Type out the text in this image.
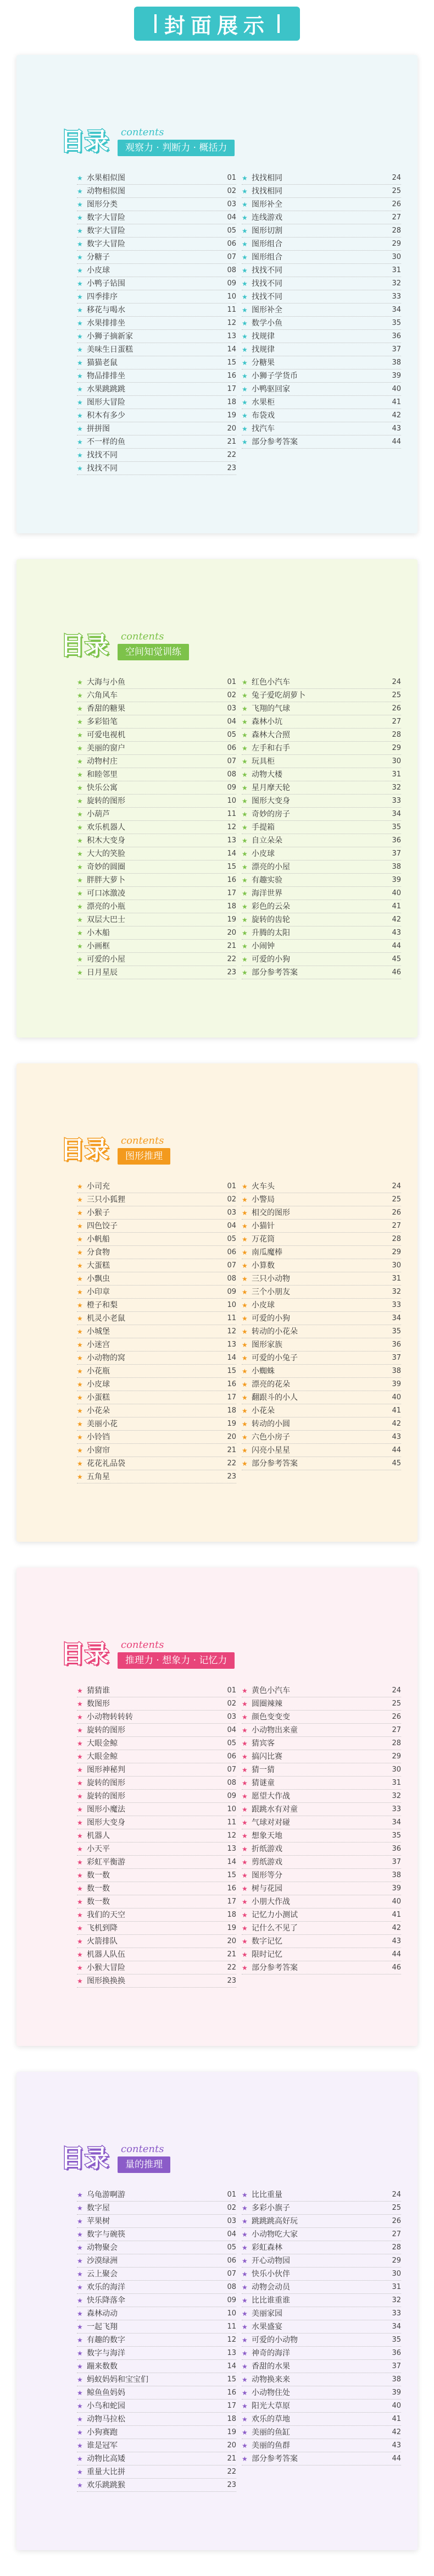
封面展示
目录 contents
观察力 · 判断力 · 概括力
★ 水果相似图	01
★ 动物相似图	02
★ 图形分类	03
★ 数字大冒险	04
★ 数字大冒险	05
★ 数字大冒险	06
★ 分糖子	07
★ 小皮球	08
★ 小鸭子钻围	09
★ 四季排序	10
★ 移花与喝水	11
★ 水果排排坐	12
★ 小狮子摘新家	13
★ 美味生日蛋糕	14
★ 猫猫老鼠	15
★ 物品排排坐	16
★ 水果跳跳跳	17
★ 图形大冒险	18
★ 积木有多少	19
★ 拼拼图	20
★ 不一样的鱼	21
★ 找找不同	22
★ 找找不同	23
★ 找找相同	24
★ 找找相同	25
★ 图形补全	26
★ 连线游戏	27
★ 图形切割	28
★ 图形组合	29
★ 图形组合	30
★ 找找不同	31
★ 找找不同	32
★ 找找不同	33
★ 图形补全	34
★ 数学小鱼	35
★ 找规律	36
★ 找规律	37
★ 分糖果	38
★ 小狮子学货币	39
★ 小鸭驱回家	40
★ 水果柜	41
★ 布袋戏	42
★ 找汽车	43
★ 部分参考答案	44
目录 contents
空间知觉训练
★ 大海与小鱼	01
★ 六角风车	02
★ 香甜的糖果	03
★ 多彩铅笔	04
★ 可爱电视机	05
★ 美丽的窗户	06
★ 动物村庄	07
★ 和睦邻里	08
★ 快乐公寓	09
★ 旋转的图形	10
★ 小葫芦	11
★ 欢乐机器人	12
★ 积木大变身	13
★ 大大的笑脸	14
★ 奇妙的圆圈	15
★ 胖胖大萝卜	16
★ 可口冰激凌	17
★ 漂亮的小瓶	18
★ 双层大巴士	19
★ 小木船	20
★ 小画框	21
★ 可爱的小屋	22
★ 日月星辰	23
★ 红色小汽车	24
★ 兔子爱吃胡萝卜	25
★ 飞翔的气球	26
★ 森林小坑	27
★ 森林大合照	28
★ 左手和右手	29
★ 玩具柜	30
★ 动物大楼	31
★ 星月摩天轮	32
★ 图形大变身	33
★ 奇妙的房子	34
★ 手提箱	35
★ 自立朵朵	36
★ 小皮球	37
★ 漂亮的小屋	38
★ 有趣实验	39
★ 海洋世界	40
★ 彩色的云朵	41
★ 旋转的齿轮	42
★ 升腾的太阳	43
★ 小闹钟	44
★ 可爱的小狗	45
★ 部分参考答案	46
目录 contents
图形推理
★ 小司充	01
★ 三只小狐狸	02
★ 小猴子	03
★ 四色饺子	04
★ 小帆船	05
★ 分食物	06
★ 大蛋糕	07
★ 小飘虫	08
★ 小印章	09
★ 橙子和梨	10
★ 机灵小老鼠	11
★ 小城堡	12
★ 小迷宫	13
★ 小动物的窝	14
★ 小花瓶	15
★ 小皮球	16
★ 小蛋糕	17
★ 小花朵	18
★ 美丽小花	19
★ 小铃铛	20
★ 小窗帘	21
★ 花花礼品袋	22
★ 五角星	23
★ 火车头	24
★ 小警局	25
★ 相交的图形	26
★ 小猫针	27
★ 万花筒	28
★ 南瓜魔棒	29
★ 小算数	30
★ 三只小动物	31
★ 三个小朋友	32
★ 小皮球	33
★ 可爱的小狗	34
★ 转动的小花朵	35
★ 图形家族	36
★ 可爱的小兔子	37
★ 小蜘蛛	38
★ 漂亮的花朵	39
★ 翻跟斗的小人	40
★ 小花朵	41
★ 转动的小圆	42
★ 六色小房子	43
★ 闪亮小星星	44
★ 部分参考答案	45
目录 contents
推理力 · 想象力 · 记忆力
★ 猜猜谁	01
★ 数图形	02
★ 小动物转转转	03
★ 旋转的图形	04
★ 大眼金鲸	05
★ 大眼金鲸	06
★ 图形神秘判	07
★ 旋转的图形	08
★ 旋转的图形	09
★ 图形小魔法	10
★ 图形大变身	11
★ 机器人	12
★ 小天平	13
★ 彩虹平衡游	14
★ 数一数	15
★ 数一数	16
★ 数一数	17
★ 我们的天空	18
★ 飞机到降	19
★ 火箭排队	20
★ 机器人队伍	21
★ 小猴大冒险	22
★ 图形换换换	23
★ 黄色小汽车	24
★ 圆圈辣辣	25
★ 颜色变变变	26
★ 小动物出来童	27
★ 猜宾客	28
★ 搞闪比赛	29
★ 猜一猜	30
★ 猜谜童	31
★ 愿望大作战	32
★ 跟跳水有对童	33
★ 气球对对碰	34
★ 想象天地	35
★ 折纸游戏	36
★ 剪纸游戏	37
★ 图形等分	38
★ 树与花园	39
★ 小朋大作战	40
★ 记忆力小测试	41
★ 记什么不见了	42
★ 数字记忆	43
★ 限时记忆	44
★ 部分参考答案	46
目录 contents
量的推理
★ 乌龟游啊游	01
★ 数字屋	02
★ 苹果树	03
★ 数字与碗筷	04
★ 动物聚会	05
★ 沙漠绿洲	06
★ 云上聚会	07
★ 欢乐的海洋	08
★ 快乐降落伞	09
★ 森林动动	10
★ 一起飞翔	11
★ 有趣的数字	12
★ 数字与海洋	13
★ 蹦来数数	14
★ 蚂蚁妈妈和宝宝们	15
★ 鲸鱼鱼妈妈	16
★ 小鸟和蛇园	17
★ 动物马拉松	18
★ 小狗赛跑	19
★ 谁是冠军	20
★ 动物比高矮	21
★ 重量大比拼	22
★ 欢乐跳跳猴	23
★ 比比重量	24
★ 多彩小旗子	25
★ 跳跳跳高好玩	26
★ 小动物吃大家	27
★ 彩虹森林	28
★ 开心动物园	29
★ 快乐小伙伴	30
★ 动物会动员	31
★ 比比谁重谁	32
★ 美丽家园	33
★ 水果盛宴	34
★ 可爱的小动物	35
★ 神奇的海洋	36
★ 香甜的水果	37
★ 动物换来来	38
★ 小动物住处	39
★ 阳光大草原	40
★ 欢乐的草地	41
★ 美丽的鱼缸	42
★ 美丽的鱼群	43
★ 部分参考答案	44
